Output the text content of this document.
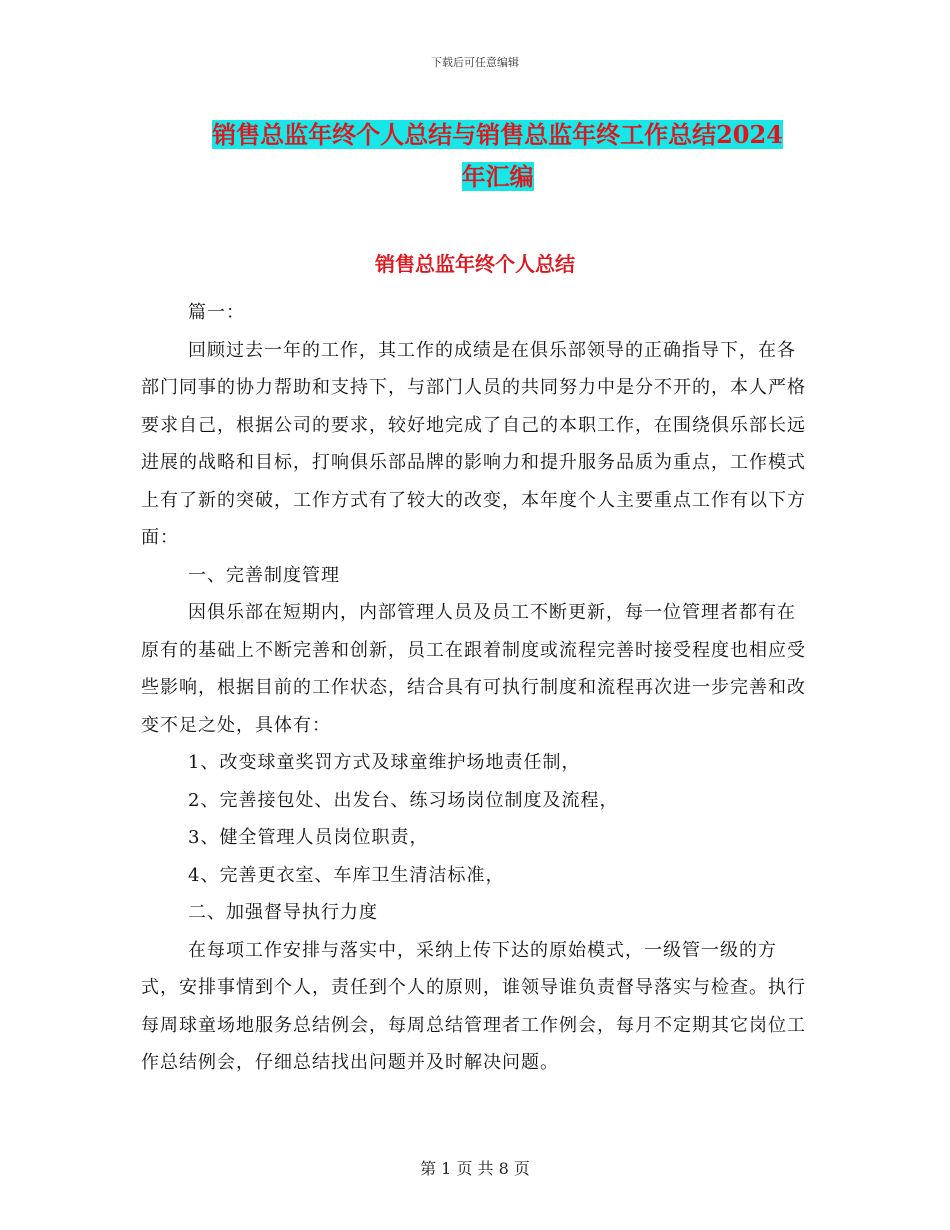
下载后可任意编辑
销售总监年终个人总结与销售总监年终工作总结2024
年汇编
销售总监年终个人总结

篇一：

回顾过去一年的工作，其工作的成绩是在俱乐部领导的正确指导下，在各部门同事的协力帮助和支持下，与部门人员的共同努力中是分不开的，本人严格要求自己，根据公司的要求，较好地完成了自己的本职工作，在围绕俱乐部长远进展的战略和目标，打响俱乐部品牌的影响力和提升服务品质为重点，工作模式上有了新的突破，工作方式有了较大的改变，本年度个人主要重点工作有以下方面：

一、完善制度管理

因俱乐部在短期内，内部管理人员及员工不断更新，每一位管理者都有在原有的基础上不断完善和创新，员工在跟着制度或流程完善时接受程度也相应受些影响，根据目前的工作状态，结合具有可执行制度和流程再次进一步完善和改变不足之处，具体有：

1、改变球童奖罚方式及球童维护场地责任制，

2、完善接包处、出发台、练习场岗位制度及流程，

3、健全管理人员岗位职责，

4、完善更衣室、车库卫生清洁标准，

二、加强督导执行力度

在每项工作安排与落实中，采纳上传下达的原始模式，一级管一级的方式，安排事情到个人，责任到个人的原则，谁领导谁负责督导落实与检查。执行每周球童场地服务总结例会，每周总结管理者工作例会，每月不定期其它岗位工作总结例会，仔细总结找出问题并及时解决问题。

第 1 页 共 8 页
